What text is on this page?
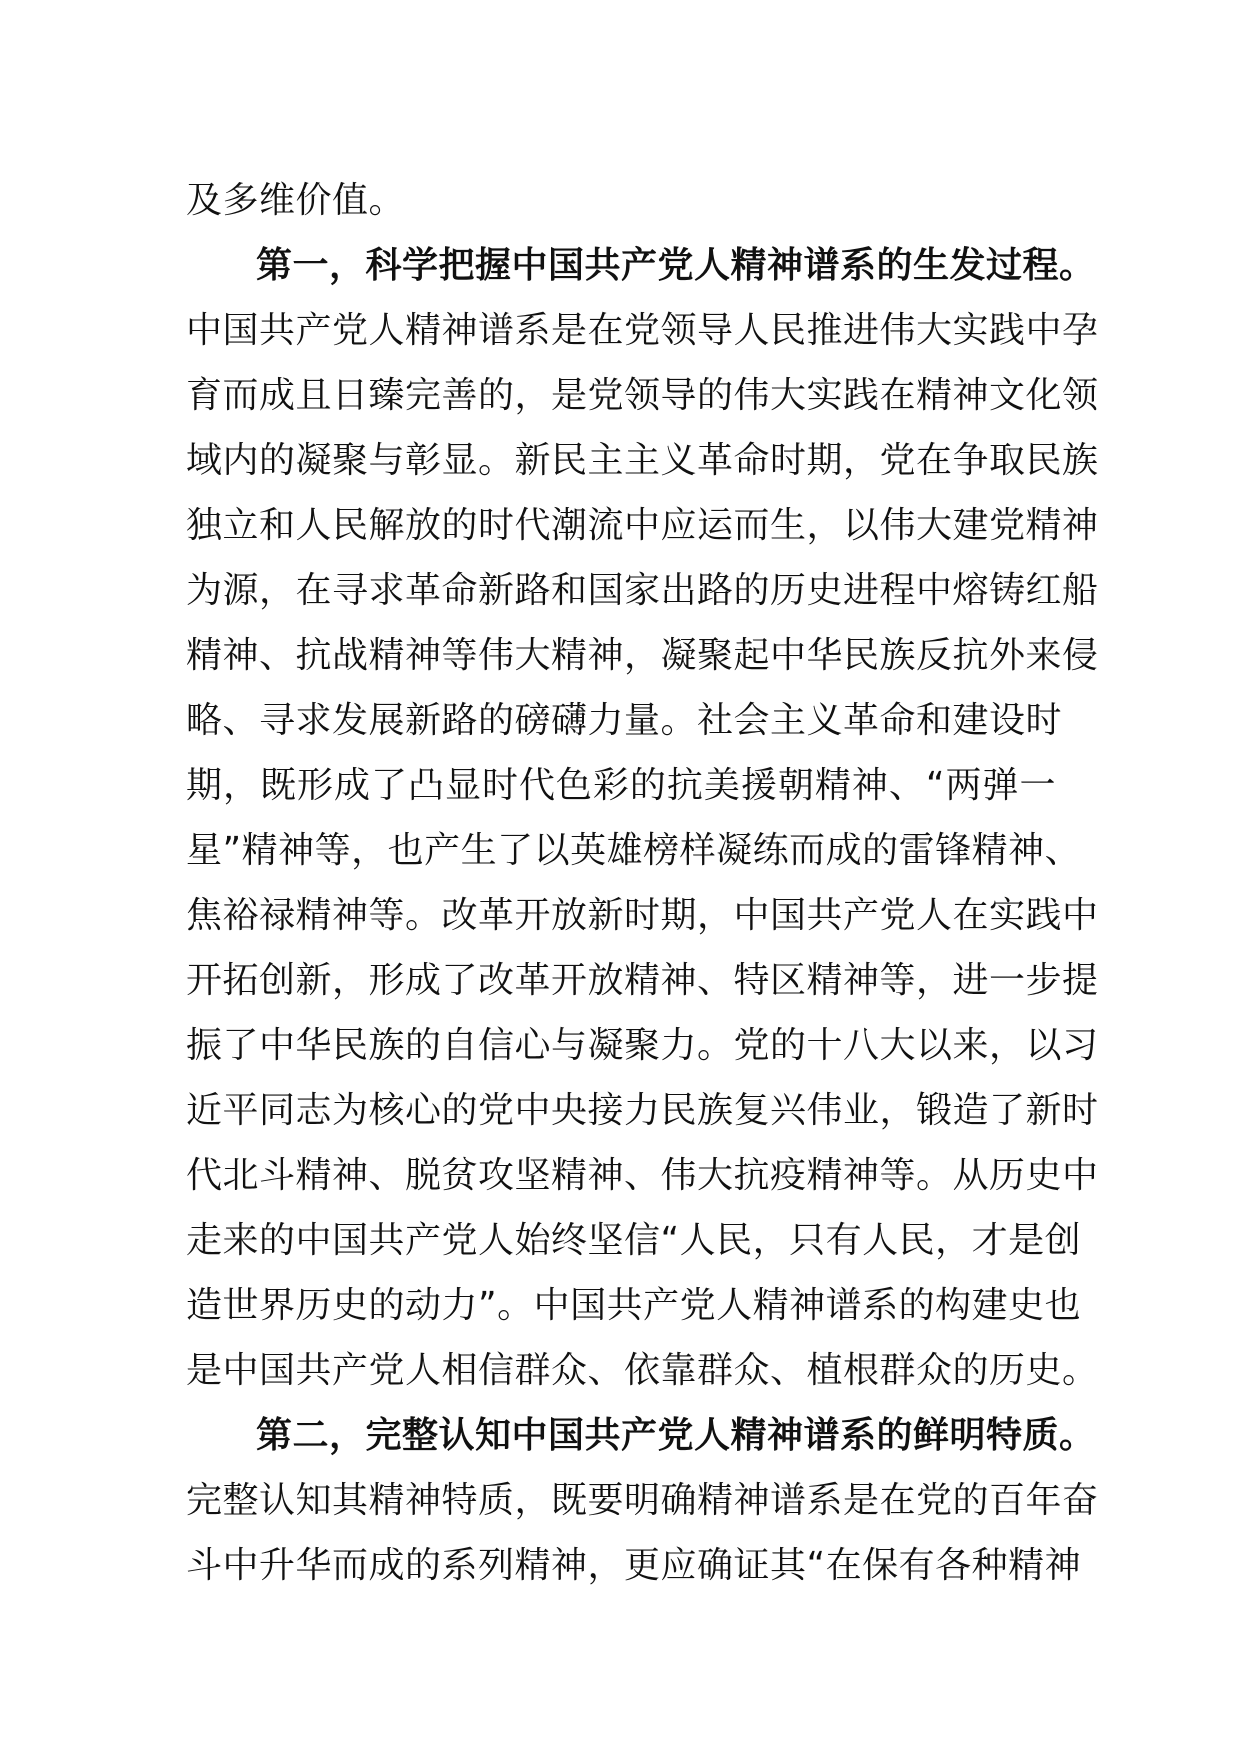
及多维价值。
第一，科学把握中国共产党人精神谱系的生发过程。
中国共产党人精神谱系是在党领导人民推进伟大实践中孕
育而成且日臻完善的，是党领导的伟大实践在精神文化领
域内的凝聚与彰显。新民主主义革命时期，党在争取民族
独立和人民解放的时代潮流中应运而生，以伟大建党精神
为源，在寻求革命新路和国家出路的历史进程中熔铸红船
精神、抗战精神等伟大精神，凝聚起中华民族反抗外来侵
略、寻求发展新路的磅礴力量。社会主义革命和建设时
期，既形成了凸显时代色彩的抗美援朝精神、“两弹一
星”精神等，也产生了以英雄榜样凝练而成的雷锋精神、
焦裕禄精神等。改革开放新时期，中国共产党人在实践中
开拓创新，形成了改革开放精神、特区精神等，进一步提
振了中华民族的自信心与凝聚力。党的十八大以来，以习
近平同志为核心的党中央接力民族复兴伟业，锻造了新时
代北斗精神、脱贫攻坚精神、伟大抗疫精神等。从历史中
走来的中国共产党人始终坚信“人民，只有人民，才是创
造世界历史的动力”。中国共产党人精神谱系的构建史也
是中国共产党人相信群众、依靠群众、植根群众的历史。
第二，完整认知中国共产党人精神谱系的鲜明特质。
完整认知其精神特质，既要明确精神谱系是在党的百年奋
斗中升华而成的系列精神，更应确证其“在保有各种精神
